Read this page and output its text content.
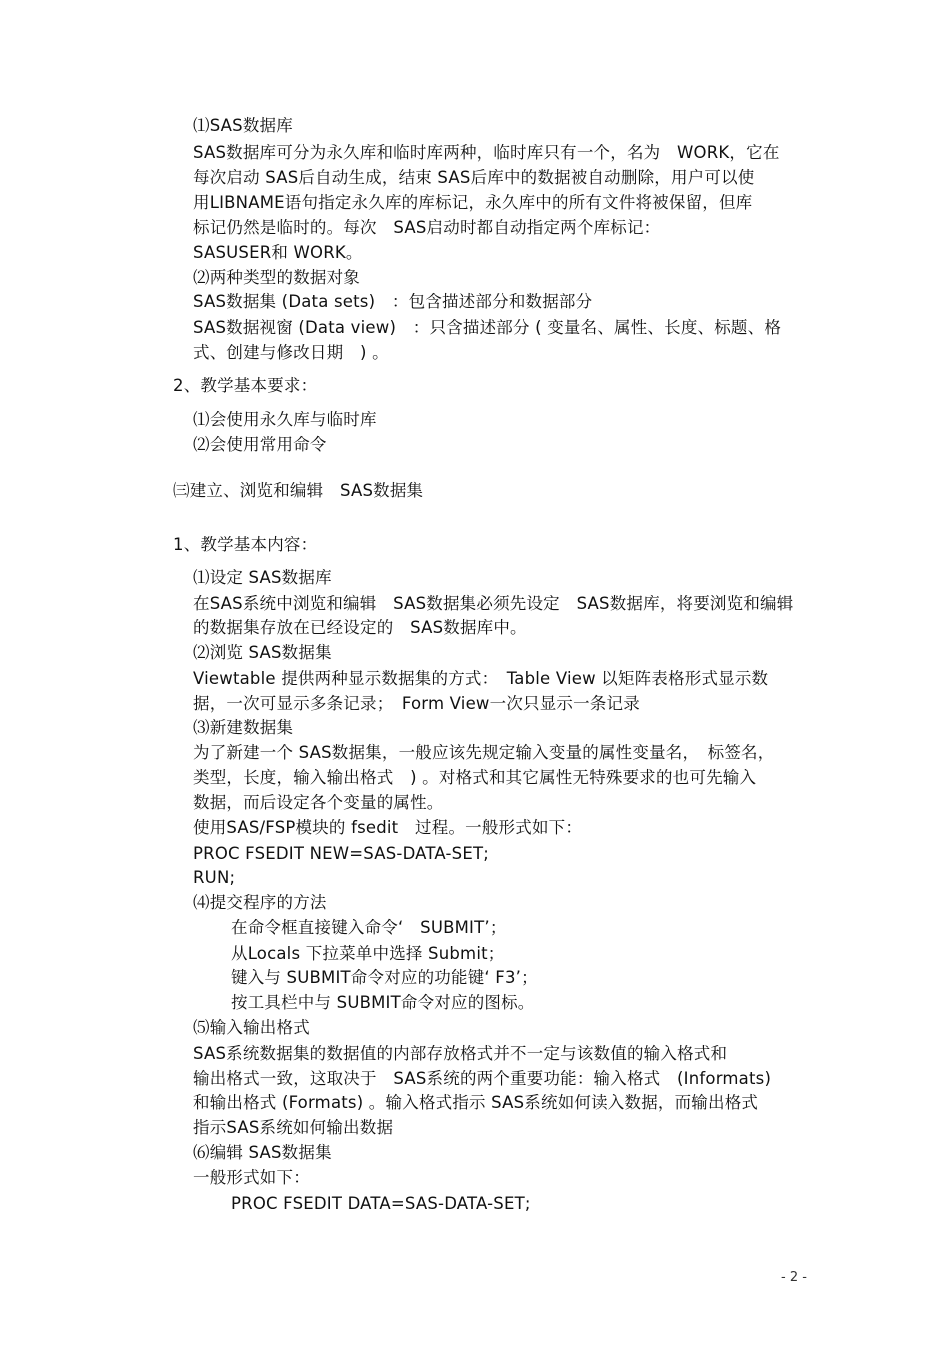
⑴SAS数据库
SAS数据库可分为永久库和临时库两种，临时库只有一个，名为　WORK，它在
每次启动 SAS后自动生成，结束 SAS后库中的数据被自动删除，用户可以使
用LIBNAME语句指定永久库的库标记，永久库中的所有文件将被保留，但库
标记仍然是临时的。每次　SAS启动时都自动指定两个库标记：
SASUSER和 WORK。
⑵两种类型的数据对象
SAS数据集 (Data sets)　：包含描述部分和数据部分
SAS数据视窗 (Data view)　：只含描述部分 ( 变量名、属性、长度、标题、格
式、创建与修改日期　) 。
2、教学基本要求：
⑴会使用永久库与临时库
⑵会使用常用命令
㈢建立、浏览和编辑　SAS数据集
1、教学基本内容：
⑴设定 SAS数据库
在SAS系统中浏览和编辑　SAS数据集必须先设定　SAS数据库，将要浏览和编辑
的数据集存放在已经设定的　SAS数据库中。
⑵浏览 SAS数据集
Viewtable 提供两种显示数据集的方式：　Table View 以矩阵表格形式显示数
据，一次可显示多条记录；　Form View一次只显示一条记录
⑶新建数据集
为了新建一个 SAS数据集，一般应该先规定输入变量的属性变量名，　标签名，
类型，长度，输入输出格式　) 。对格式和其它属性无特殊要求的也可先输入
数据，而后设定各个变量的属性。
使用SAS/FSP模块的 fsedit　过程。一般形式如下：
PROC FSEDIT NEW=SAS-DATA-SET;
RUN;
⑷提交程序的方法
在命令框直接键入命令‘　SUBMIT’；
从Locals 下拉菜单中选择 Submit；
键入与 SUBMIT命令对应的功能键‘ F3’；
按工具栏中与 SUBMIT命令对应的图标。
⑸输入输出格式
SAS系统数据集的数据值的内部存放格式并不一定与该数值的输入格式和
输出格式一致，这取决于　SAS系统的两个重要功能：输入格式　(Informats)
和输出格式 (Formats) 。输入格式指示 SAS系统如何读入数据，而输出格式
指示SAS系统如何输出数据
⑹编辑 SAS数据集
一般形式如下：
PROC FSEDIT DATA=SAS-DATA-SET;
- 2 -
